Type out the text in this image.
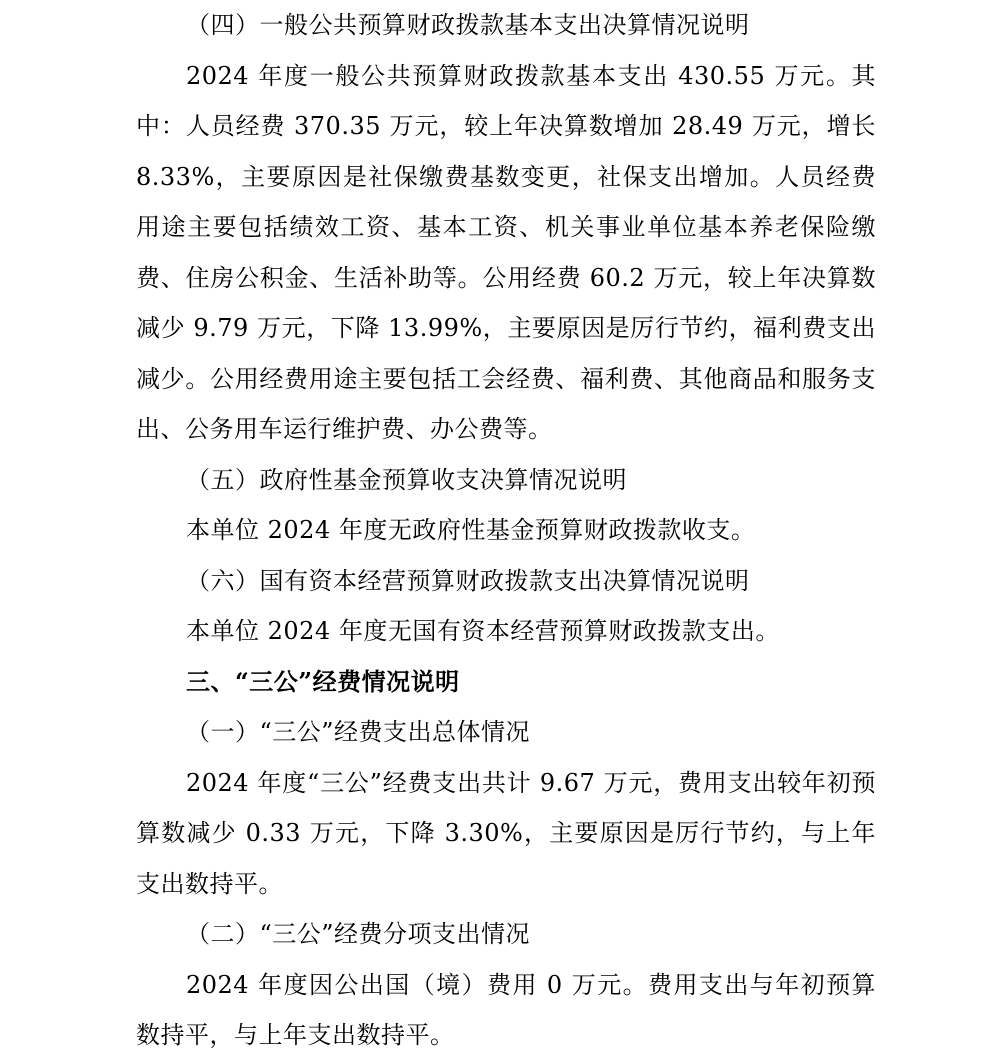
（四）一般公共预算财政拨款基本支出决算情况说明

2024 年度一般公共预算财政拨款基本支出 430.55 万元。其中：人员经费 370.35 万元，较上年决算数增加 28.49 万元，增长 8.33%，主要原因是社保缴费基数变更，社保支出增加。人员经费用途主要包括绩效工资、基本工资、机关事业单位基本养老保险缴费、住房公积金、生活补助等。公用经费 60.2 万元，较上年决算数减少 9.79 万元，下降 13.99%，主要原因是厉行节约，福利费支出减少。公用经费用途主要包括工会经费、福利费、其他商品和服务支出、公务用车运行维护费、办公费等。

（五）政府性基金预算收支决算情况说明

本单位 2024 年度无政府性基金预算财政拨款收支。

（六）国有资本经营预算财政拨款支出决算情况说明

本单位 2024 年度无国有资本经营预算财政拨款支出。

三、“三公”经费情况说明

（一）“三公”经费支出总体情况

2024 年度“三公”经费支出共计 9.67 万元，费用支出较年初预算数减少 0.33 万元，下降 3.30%，主要原因是厉行节约，与上年支出数持平。

（二）“三公”经费分项支出情况

2024 年度因公出国（境）费用 0 万元。费用支出与年初预算数持平，与上年支出数持平。
